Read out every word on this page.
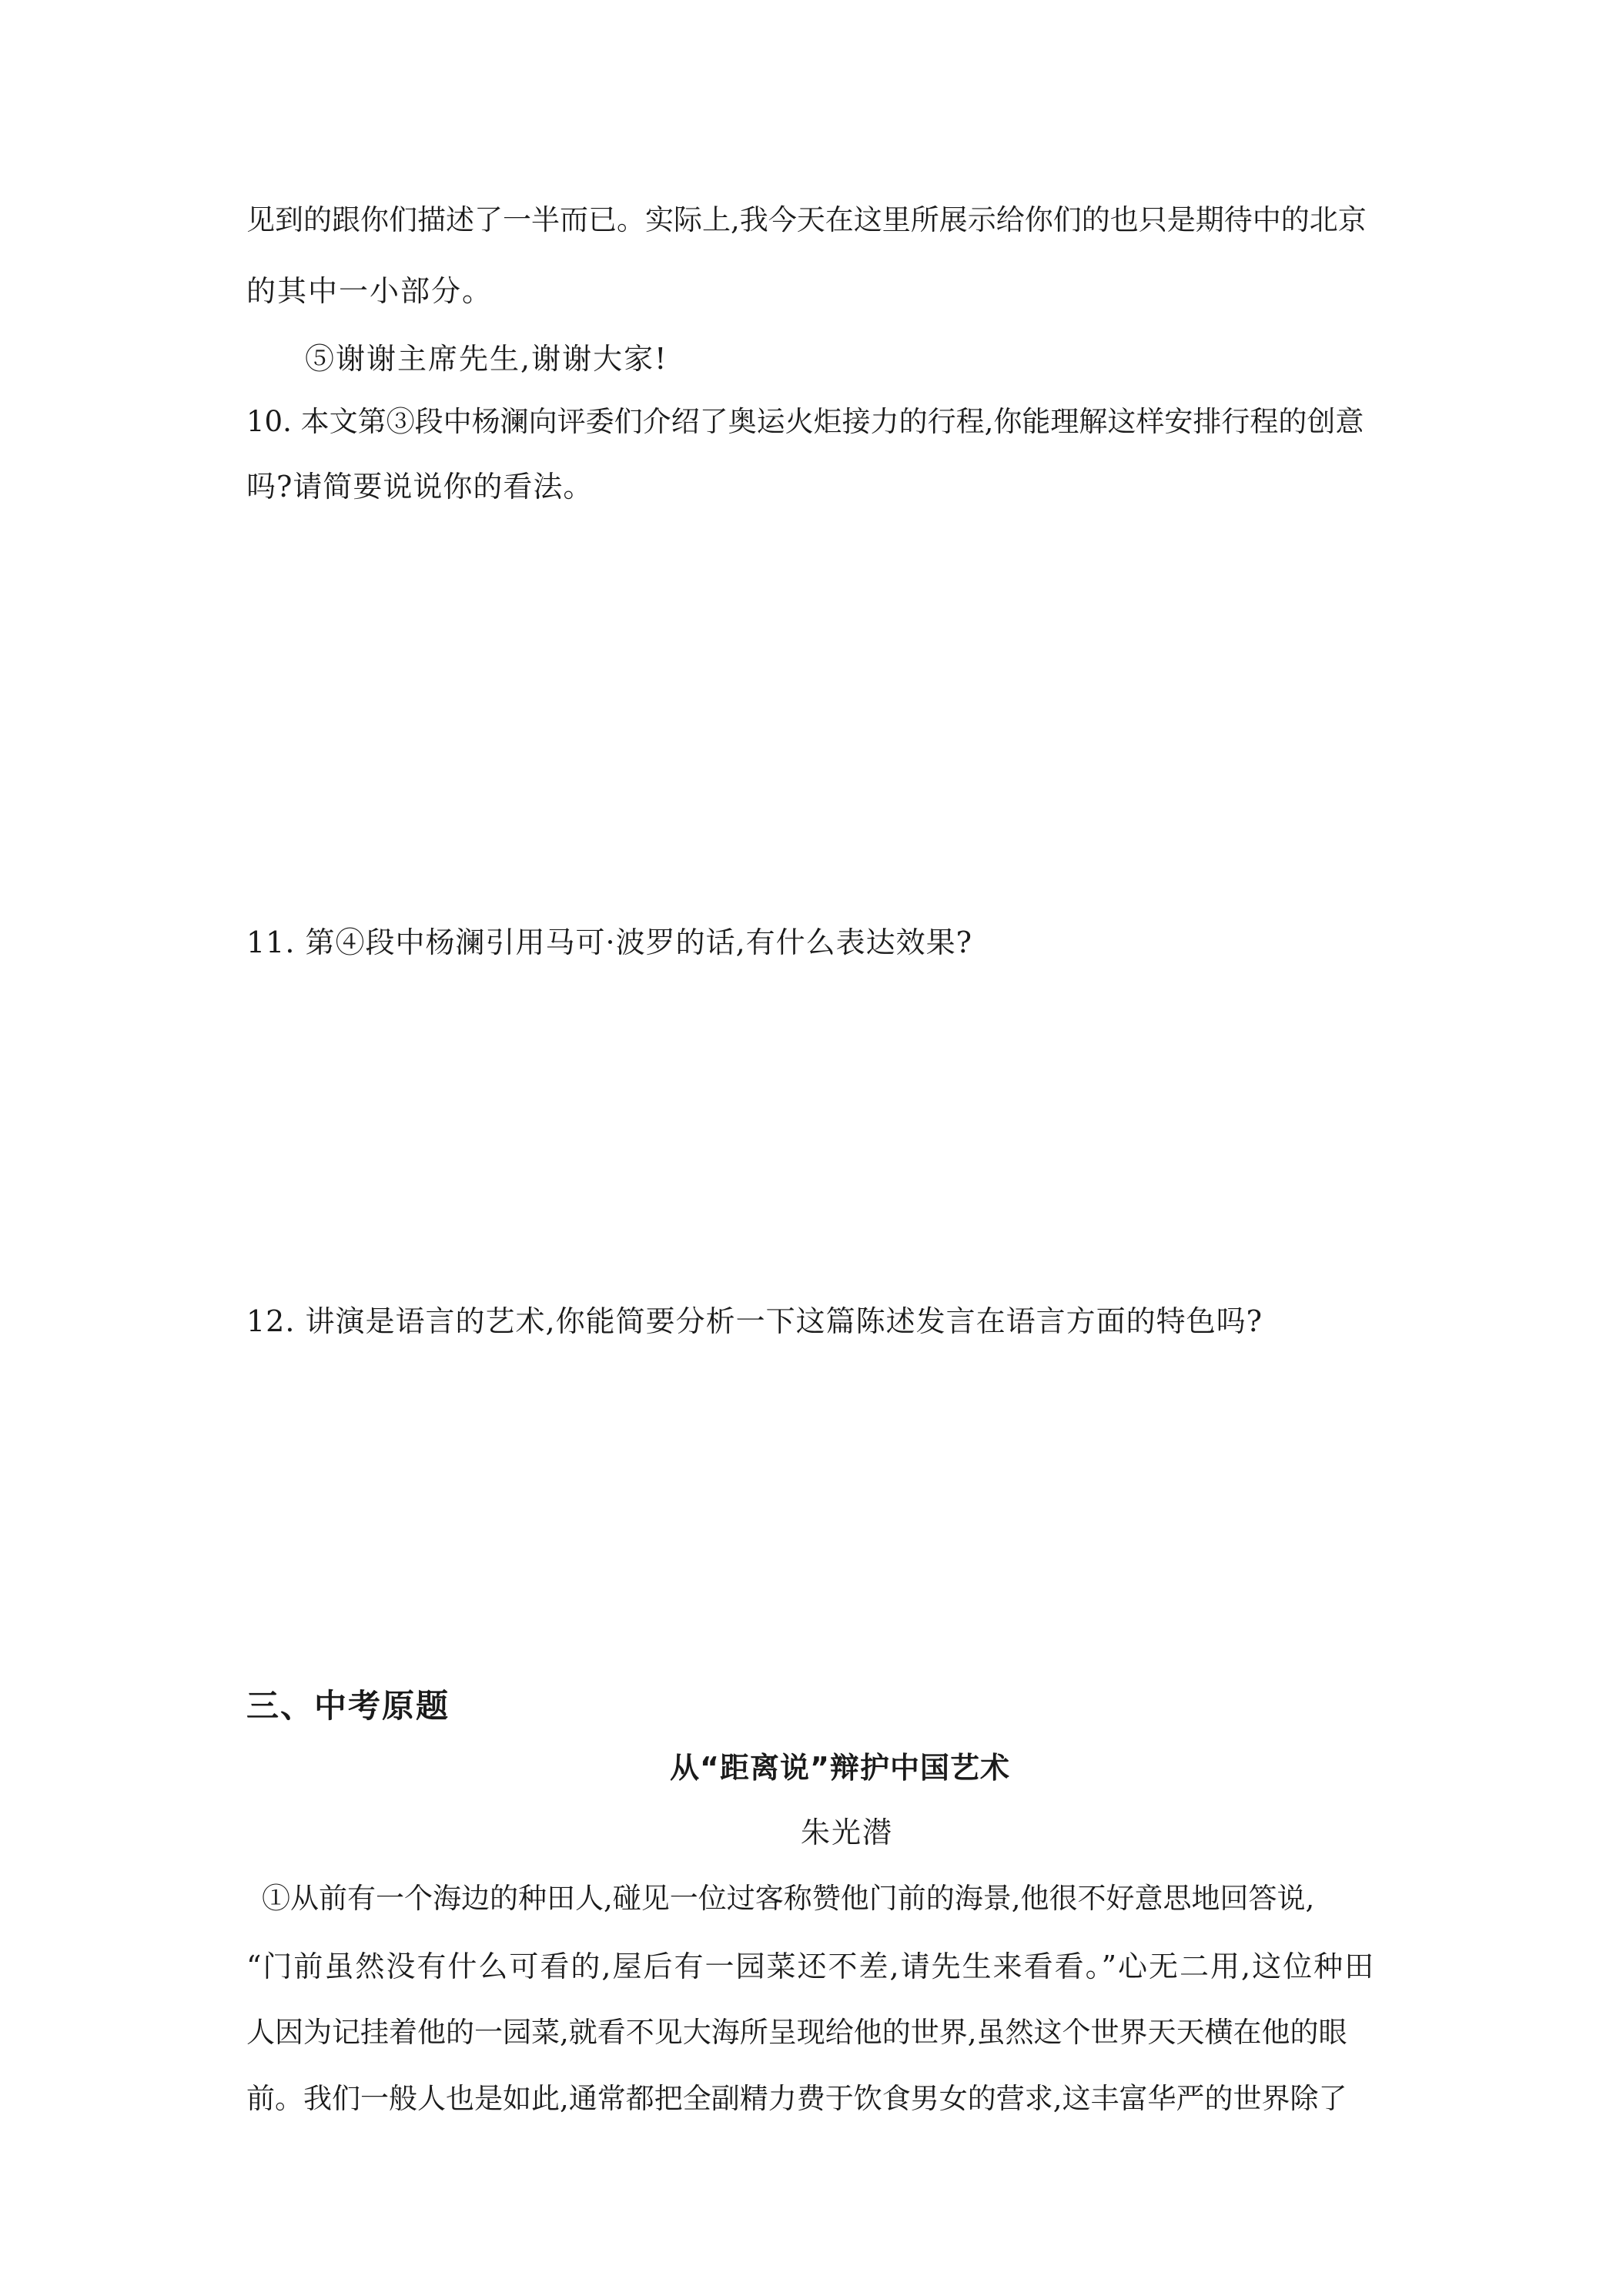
见到的跟你们描述了一半而已。实际上,我今天在这里所展示给你们的也只是期待中的北京
的其中一小部分。
⑤谢谢主席先生,谢谢大家!
10. 本文第③段中杨澜向评委们介绍了奥运火炬接力的行程,你能理解这样安排行程的创意
吗?请简要说说你的看法。
11. 第④段中杨澜引用马可·波罗的话,有什么表达效果?
12. 讲演是语言的艺术,你能简要分析一下这篇陈述发言在语言方面的特色吗?
三、中考原题
从“距离说”辩护中国艺术
朱光潜
①从前有一个海边的种田人,碰见一位过客称赞他门前的海景,他很不好意思地回答说,
“门前虽然没有什么可看的,屋后有一园菜还不差,请先生来看看。”心无二用,这位种田
人因为记挂着他的一园菜,就看不见大海所呈现给他的世界,虽然这个世界天天横在他的眼
前。我们一般人也是如此,通常都把全副精力费于饮食男女的营求,这丰富华严的世界除了
